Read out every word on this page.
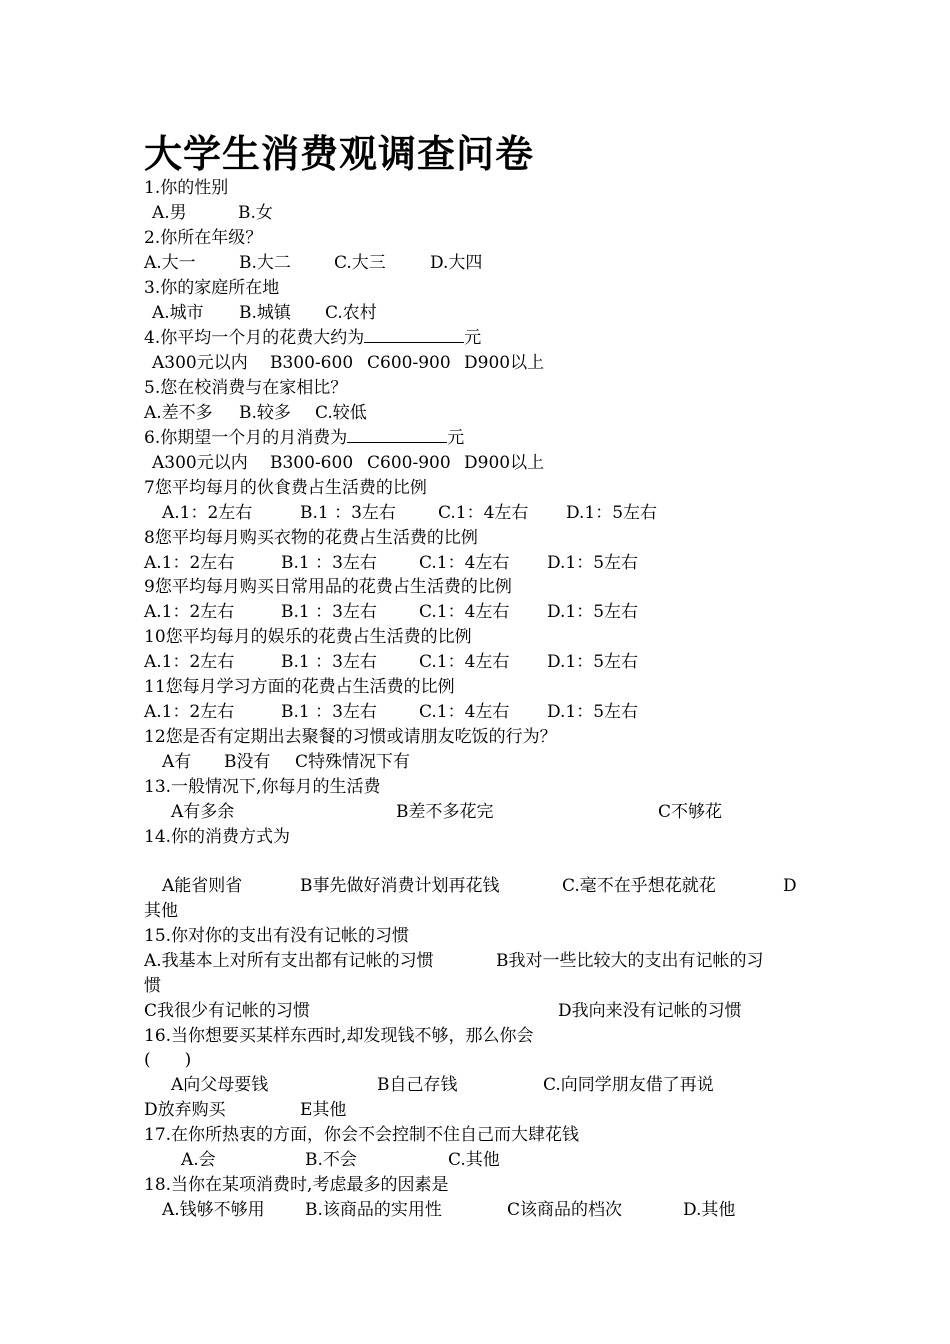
大学生消费观调查问卷
1.你的性别
A.男	B.女
2.你所在年级？
A.大一	B.大二	C.大三	D.大四
3.你的家庭所在地
A.城市 B.城镇 C.农村
4.你平均一个月的花费大约为	元
A300元以内 B300-600 C600-900 D900以上
5.您在校消费与在家相比？
A.差不多 B.较多 C.较低
6.你期望一个月的月消费为	元
A300元以内 B300-600 C600-900 D900以上
7您平均每月的伙食费占生活费的比例
A.1：2左右	B.1 ：3左右 C.1：4左右 D.1：5左右
8您平均每月购买衣物的花费占生活费的比例
A.1：2左右	B.1 ：3左右 C.1：4左右 D.1：5左右
9您平均每月购买日常用品的花费占生活费的比例
A.1：2左右	B.1 ：3左右 C.1：4左右 D.1：5左右
10您平均每月的娱乐的花费占生活费的比例
A.1：2左右	B.1 ：3左右 C.1：4左右 D.1：5左右
11您每月学习方面的花费占生活费的比例
A.1：2左右	B.1 ：3左右 C.1：4左右 D.1：5左右
12您是否有定期出去聚餐的习惯或请朋友吃饭的行为？
A有 B没有 C特殊情况下有
13.一般情况下,你每月的生活费
A有多余	B差不多花完	C不够花
14.你的消费方式为
A能省则省	B事先做好消费计划再花钱	C.毫不在乎想花就花	D
其他
15.你对你的支出有没有记帐的习惯
A.我基本上对所有支出都有记帐的习惯	B我对一些比较大的支出有记帐的习
惯
C我很少有记帐的习惯	D我向来没有记帐的习惯
16.当你想要买某样东西时,却发现钱不够，那么你会
(　　)
A向父母要钱	B自己存钱	C.向同学朋友借了再说
D放弃购买	E其他
17.在你所热衷的方面，你会不会控制不住自己而大肆花钱
A.会	B.不会	C.其他
18.当你在某项消费时,考虑最多的因素是
A.钱够不够用 B.该商品的实用性	C该商品的档次	D.其他
